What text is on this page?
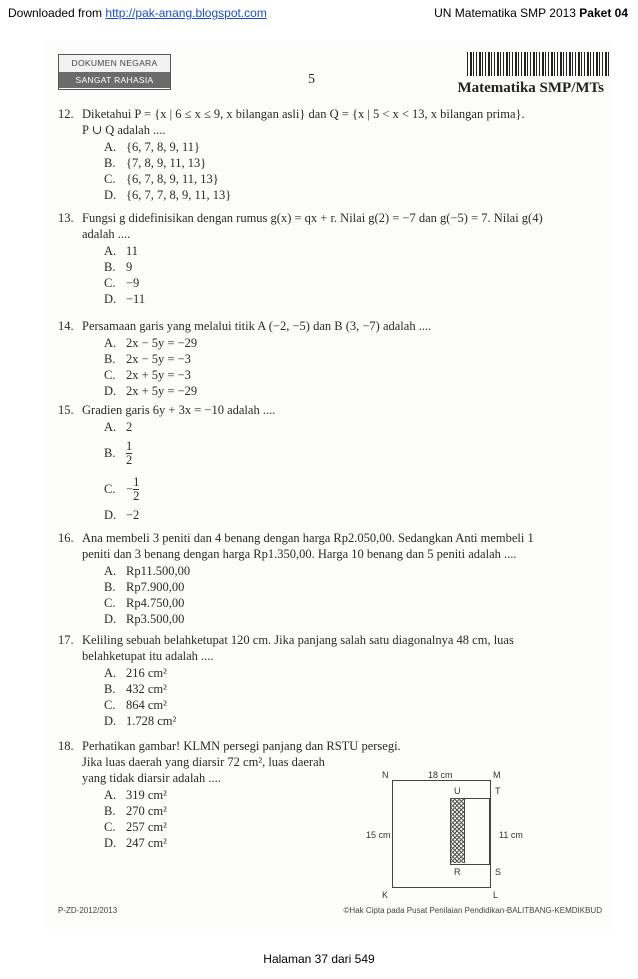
Downloaded from http://pak-anang.blogspot.com	UN Matematika SMP 2013 Paket 04
DOKUMEN NEGARA
SANGAT RAHASIA	5
Matematika SMP/MTs
12. Diketahui P = {x | 6 ≤ x ≤ 9, x bilangan asli} dan Q = {x | 5 < x < 13, x bilangan prima}.
P ∪ Q adalah ....
A. {6, 7, 8, 9, 11}
B. {7, 8, 9, 11, 13}
C. {6, 7, 8, 9, 11, 13}
D. {6, 7, 7, 8, 9, 11, 13}
13. Fungsi g didefinisikan dengan rumus g(x) = qx + r. Nilai g(2) = −7 dan g(−5) = 7. Nilai g(4)
adalah ....
A. 11
B. 9
C. −9
D. −11
14. Persamaan garis yang melalui titik A (−2, −5) dan B (3, −7) adalah ....
A. 2x − 5y = −29
B. 2x − 5y = −3
C. 2x + 5y = −3
D. 2x + 5y = −29
15. Gradien garis 6y + 3x = −10 adalah ....
A. 2
B. $\frac{1}{2}$
C. − $\frac{1}{2}$
D. −2
16. Ana membeli 3 peniti dan 4 benang dengan harga Rp2.050,00. Sedangkan Anti membeli 1
peniti dan 3 benang dengan harga Rp1.350,00. Harga 10 benang dan 5 peniti adalah ....
A. Rp11.500,00
B. Rp7.900,00
C. Rp4.750,00
D. Rp3.500,00
17. Keliling sebuah belahketupat 120 cm. Jika panjang salah satu diagonalnya 48 cm, luas
belahketupat itu adalah ....
A. 216 cm²
B. 432 cm²
C. 864 cm²
D. 1.728 cm²
18. Perhatikan gambar! KLMN persegi panjang dan RSTU persegi.
Jika luas daerah yang diarsir 72 cm², luas daerah
yang tidak diarsir adalah ....
A. 319 cm²
B. 270 cm²
C. 257 cm²
D. 247 cm²
N	M
K	L
U	T
R	S
18 cm
15 cm	11 cm
P-ZD-2012/2013	©Hak Cipta pada Pusat Penilaian Pendidikan-BALITBANG-KEMDIKBUD
Halaman 37 dari 549
